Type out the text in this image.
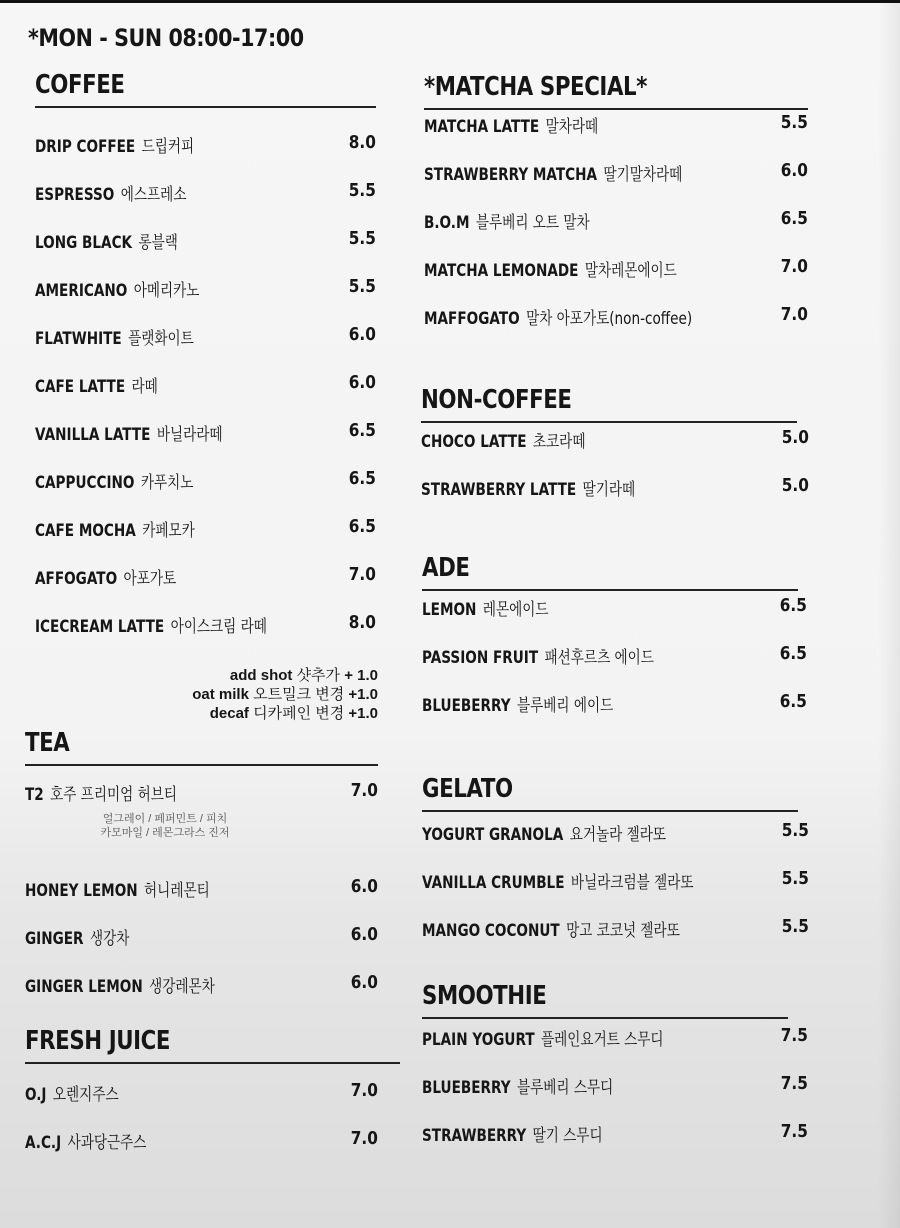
*MON - SUN 08:00-17:00
COFFEE
DRIP COFFEE 드립커피	8.0
ESPRESSO 에스프레소	5.5
LONG BLACK 롱블랙	5.5
AMERICANO 아메리카노	5.5
FLATWHITE 플랫화이트	6.0
CAFE LATTE 라떼	6.0
VANILLA LATTE 바닐라라떼	6.5
CAPPUCCINO 카푸치노	6.5
CAFE MOCHA 카페모카	6.5
AFFOGATO 아포가토	7.0
ICECREAM LATTE 아이스크림 라떼	8.0
add shot 샷추가 + 1.0
oat milk 오트밀크 변경 +1.0
decaf 디카페인 변경 +1.0
TEA
T2 호주 프리미엄 허브티	7.0
얼그레이 / 페퍼민트 / 피치
카모마일 / 레몬그라스 진저
HONEY LEMON 허니레몬티	6.0
GINGER 생강차	6.0
GINGER LEMON 생강레몬차	6.0
FRESH JUICE
O.J 오렌지주스	7.0
A.C.J 사과당근주스	7.0
*MATCHA SPECIAL*
MATCHA LATTE 말차라떼	5.5
STRAWBERRY MATCHA 딸기말차라떼	6.0
B.O.M 블루베리 오트 말차	6.5
MATCHA LEMONADE 말차레몬에이드	7.0
MAFFOGATO 말차 아포가토(non-coffee)	7.0
NON-COFFEE
CHOCO LATTE 초코라떼	5.0
STRAWBERRY LATTE 딸기라떼	5.0
ADE
LEMON 레몬에이드	6.5
PASSION FRUIT 패션후르츠 에이드	6.5
BLUEBERRY 블루베리 에이드	6.5
GELATO
YOGURT GRANOLA 요거놀라 젤라또	5.5
VANILLA CRUMBLE 바닐라크럼블 젤라또	5.5
MANGO COCONUT 망고 코코넛 젤라또	5.5
SMOOTHIE
PLAIN YOGURT 플레인요거트 스무디	7.5
BLUEBERRY 블루베리 스무디	7.5
STRAWBERRY 딸기 스무디	7.5
